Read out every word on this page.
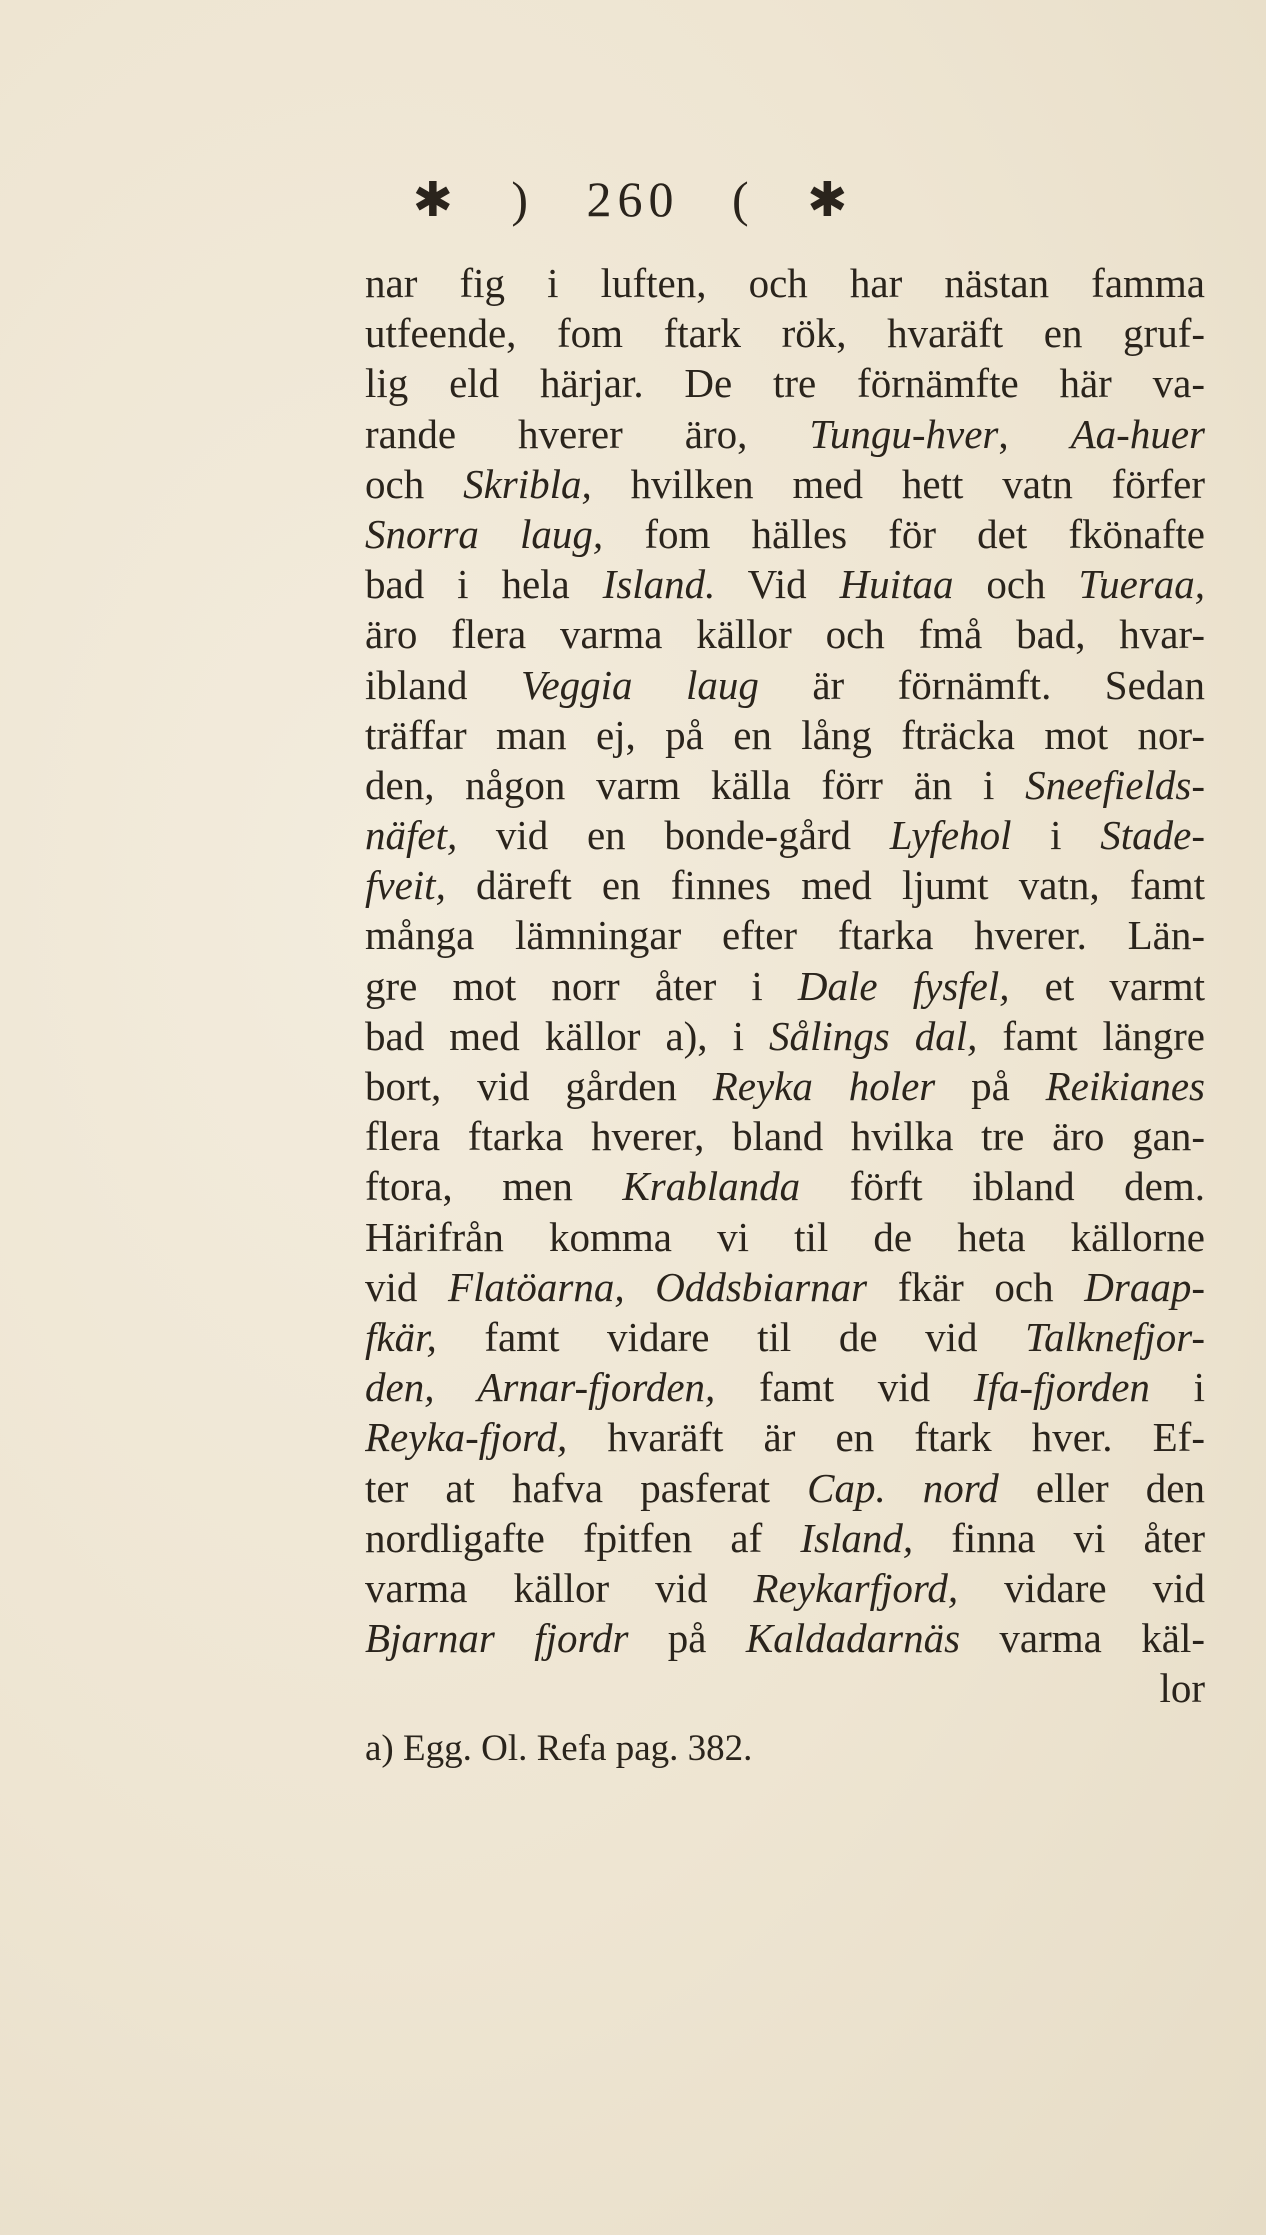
✱ ) 260 ( ✱
nar fig i luften, och har nästan famma
utfeende, fom ftark rök, hvaräft en gruf-
lig eld härjar. De tre förnämfte här va-
rande hverer äro, Tungu-hver, Aa-huer
och Skribla, hvilken med hett vatn förfer
Snorra laug, fom hälles för det fkönafte
bad i hela Island. Vid Huitaa och Tueraa,
äro flera varma källor och fmå bad, hvar-
ibland Veggia laug är förnämft. Sedan
träffar man ej, på en lång fträcka mot nor-
den, någon varm källa förr än i Sneefields-
näfet, vid en bonde-gård Lyfehol i Stade-
fveit, däreft en finnes med ljumt vatn, famt
många lämningar efter ftarka hverer. Län-
gre mot norr åter i Dale fysfel, et varmt
bad med källor a), i Sålings dal, famt längre
bort, vid gården Reyka holer på Reikianes
flera ftarka hverer, bland hvilka tre äro gan-
ftora, men Krablanda förft ibland dem.
Härifrån komma vi til de heta källorne
vid Flatöarna, Oddsbiarnar fkär och Draap-
fkär, famt vidare til de vid Talknefjor-
den, Arnar-fjorden, famt vid Ifa-fjorden i
Reyka-fjord, hvaräft är en ftark hver. Ef-
ter at hafva pasferat Cap. nord eller den
nordligafte fpitfen af Island, finna vi åter
varma källor vid Reykarfjord, vidare vid
Bjarnar fjordr på Kaldadarnäs varma käl-
lor
a) Egg. Ol. Refa pag. 382.
